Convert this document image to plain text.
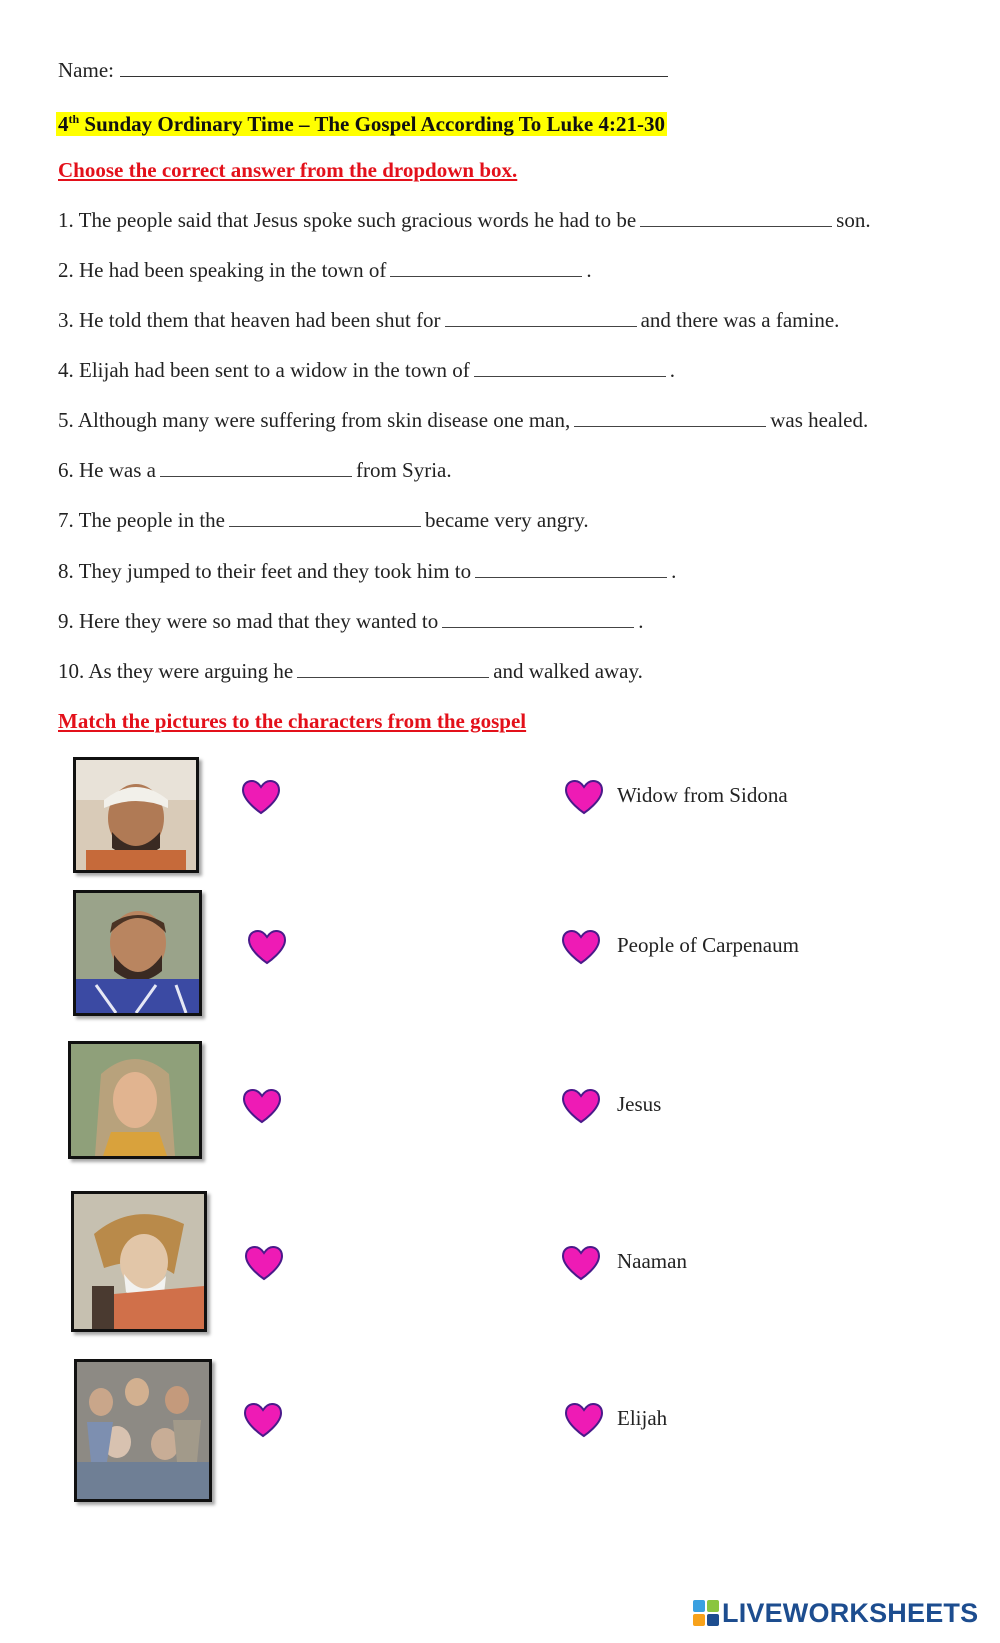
Name:
4th Sunday Ordinary Time – The Gospel According To Luke 4:21-30
Choose the correct answer from the dropdown box.
1. The people said that Jesus spoke such gracious words he had to be	son.
2. He had been speaking in the town of	.
3. He told them that heaven had been shut for	and there was a famine.
4. Elijah had been sent to a widow in the town of	.
5. Although many were suffering from skin disease one man,	was healed.
6. He was a	from Syria.
7. The people in the	became very angry.
8. They jumped to their feet and they took him to	.
9. Here they were so mad that they wanted to	.
10. As they were arguing he	and walked away.
Match the pictures to the characters from the gospel
Widow from Sidona
People of Carpenaum
Jesus
Naaman
Elijah
LIVEWORKSHEETS
